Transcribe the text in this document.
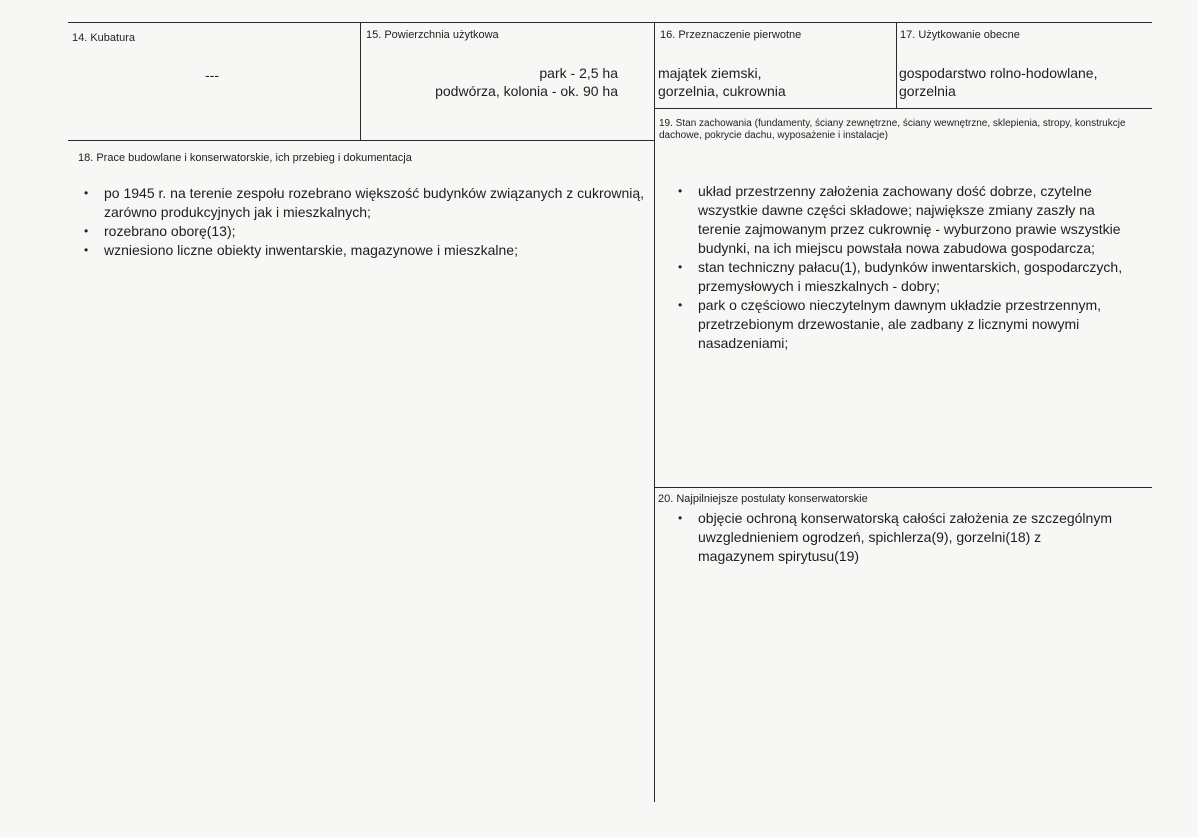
14. Kubatura
---
15. Powierzchnia użytkowa
park - 2,5 ha
podwórza, kolonia - ok. 90 ha
16. Przeznaczenie pierwotne
majątek ziemski,
gorzelnia, cukrownia
17. Użytkowanie obecne
gospodarstwo rolno-hodowlane,
gorzelnia
18. Prace budowlane i konserwatorskie, ich przebieg i dokumentacja
• po 1945 r. na terenie zespołu rozebrano większość budynków związanych z cukrownią, zarówno produkcyjnych jak i mieszkalnych;
• rozebrano oborę(13);
• wzniesiono liczne obiekty inwentarskie, magazynowe i mieszkalne;
19. Stan zachowania (fundamenty, ściany zewnętrzne, ściany wewnętrzne, sklepienia, stropy, konstrukcje dachowe, pokrycie dachu, wyposażenie i instalacje)
• układ przestrzenny założenia zachowany dość dobrze, czytelne wszystkie dawne części składowe; największe zmiany zaszły na terenie zajmowanym przez cukrownię - wyburzono prawie wszystkie budynki, na ich miejscu powstała nowa zabudowa gospodarcza;
• stan techniczny pałacu(1), budynków inwentarskich, gospodarczych, przemysłowych i mieszkalnych - dobry;
• park o częściowo nieczytelnym dawnym układzie przestrzennym, przetrzebionym drzewostanie, ale zadbany z licznymi nowymi nasadzeniami;
20. Najpilniejsze postulaty konserwatorskie
• objęcie ochroną konserwatorską całości założenia ze szczególnym uwzglednieniem ogrodzeń, spichlerza(9), gorzelni(18) z magazynem spirytusu(19)
